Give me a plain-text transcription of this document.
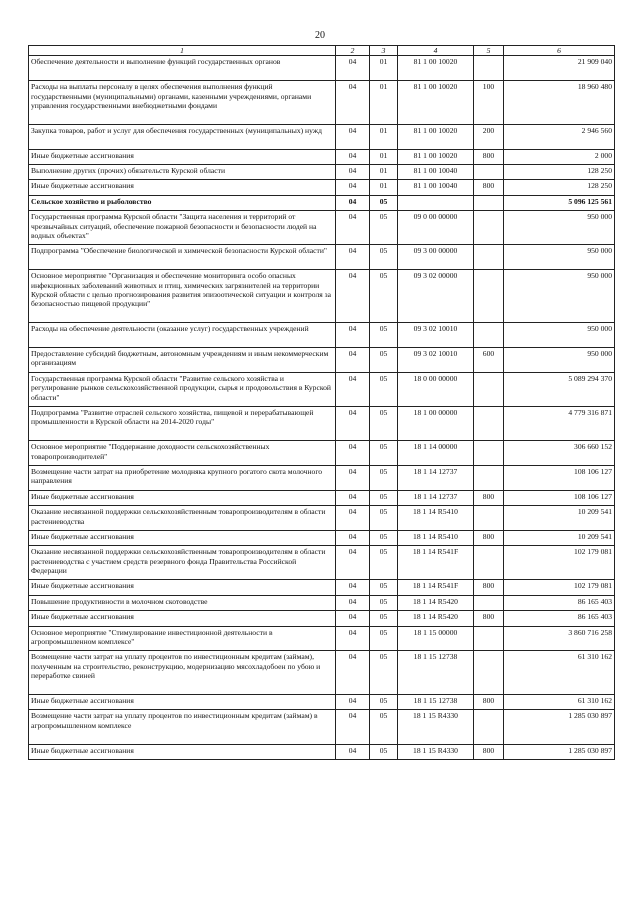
20
1	2	3	4	5	6
Обеспечение деятельности и выполнение функций государственных органов	04	01	81 1 00 10020		21 909 040
Расходы на выплаты персоналу в целях обеспечения выполнения функций государственными (муниципальными) органами, казенными учреждениями, органами управления государственными внебюджетными фондами	04	01	81 1 00 10020	100	18 960 480
Закупка товаров, работ и услуг для обеспечения государственных (муниципальных) нужд	04	01	81 1 00 10020	200	2 946 560
Иные бюджетные ассигнования	04	01	81 1 00 10020	800	2 000
Выполнение других (прочих) обязательств Курской области	04	01	81 1 00 10040		128 250
Иные бюджетные ассигнования	04	01	81 1 00 10040	800	128 250
Сельское хозяйство и рыболовство	04	05			5 096 125 561
Государственная программа Курской области "Защита населения и территорий от чрезвычайных ситуаций, обеспечение пожарной безопасности и безопасности людей на водных объектах"	04	05	09 0 00 00000		950 000
Подпрограмма "Обеспечение биологической и химической безопасности Курской области"	04	05	09 3 00 00000		950 000
Основное мероприятие "Организация и обеспечение мониторинга особо опасных инфекционных заболеваний животных и птиц, химических загрязнителей на территории Курской области с целью прогнозирования развития эпизоотической ситуации и контроля за безопасностью пищевой продукции"	04	05	09 3 02 00000		950 000
Расходы на обеспечение деятельности (оказание услуг) государственных учреждений	04	05	09 3 02 10010		950 000
Предоставление субсидий бюджетным, автономным учреждениям и иным некоммерческим организациям	04	05	09 3 02 10010	600	950 000
Государственная программа Курской области "Развитие сельского хозяйства и регулирование рынков сельскохозяйственной продукции, сырья и продовольствия в Курской области"	04	05	18 0 00 00000		5 089 294 370
Подпрограмма "Развитие отраслей сельского хозяйства, пищевой и перерабатывающей промышленности в Курской области на 2014-2020 годы"	04	05	18 1 00 00000		4 779 316 871
Основное мероприятие "Поддержание доходности сельскохозяйственных товаропроизводителей"	04	05	18 1 14 00000		306 660 152
Возмещение части затрат на приобретение молодняка крупного рогатого скота молочного направления	04	05	18 1 14 12737		108 106 127
Иные бюджетные ассигнования	04	05	18 1 14 12737	800	108 106 127
Оказание несвязанной поддержки сельскохозяйственным товаропроизводителям в области растениеводства	04	05	18 1 14 R5410		10 209 541
Иные бюджетные ассигнования	04	05	18 1 14 R5410	800	10 209 541
Оказание несвязанной поддержки сельскохозяйственным товаропроизводителям в области растениеводства с участием средств резервного фонда Правительства Российской Федерации	04	05	18 1 14 R541F		102 179 081
Иные бюджетные ассигнования	04	05	18 1 14 R541F	800	102 179 081
Повышение продуктивности в молочном скотоводстве	04	05	18 1 14 R5420		86 165 403
Иные бюджетные ассигнования	04	05	18 1 14 R5420	800	86 165 403
Основное мероприятие "Стимулирование инвестиционной деятельности в агропромышленном комплексе"	04	05	18 1 15 00000		3 860 716 258
Возмещение части затрат на уплату процентов по инвестиционным кредитам (займам), полученным на строительство, реконструкцию, модернизацию мясохладобоен по убою и переработке свиней	04	05	18 1 15 12738		61 310 162
Иные бюджетные ассигнования	04	05	18 1 15 12738	800	61 310 162
Возмещение части затрат на уплату процентов по инвестиционным кредитам (займам) в агропромышленном комплексе	04	05	18 1 15 R4330		1 285 030 897
Иные бюджетные ассигнования	04	05	18 1 15 R4330	800	1 285 030 897
